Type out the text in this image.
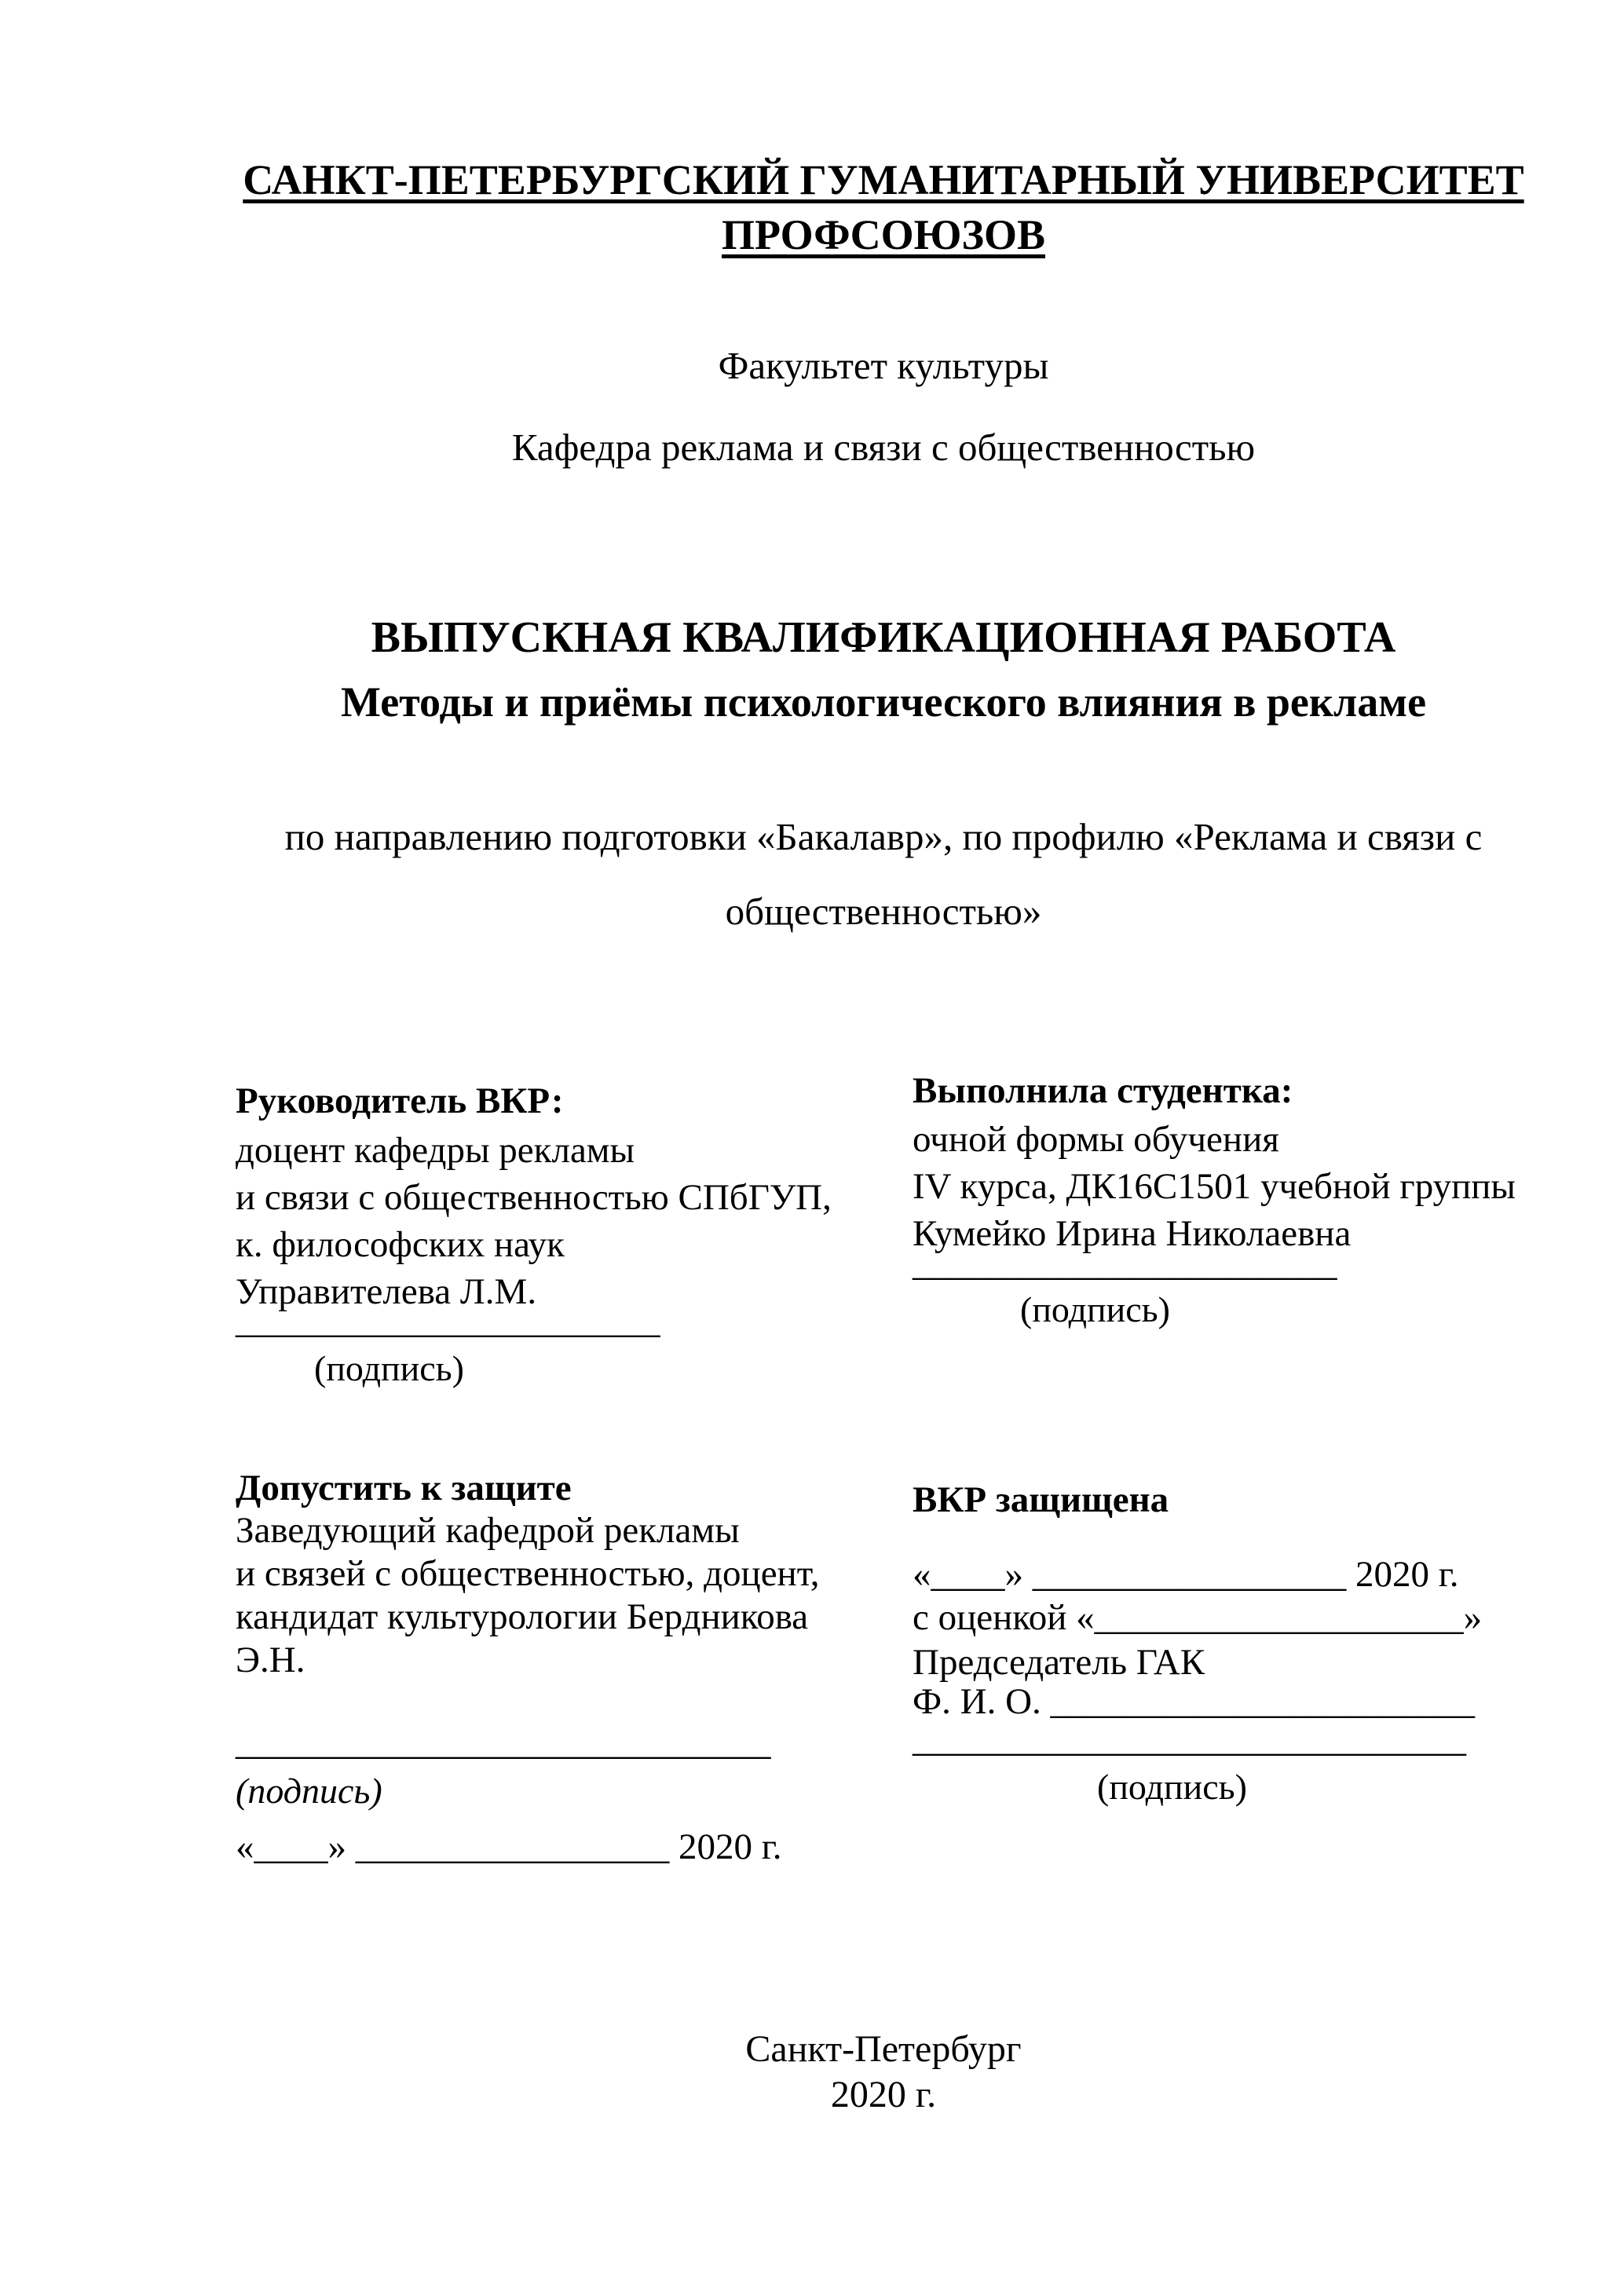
САНКТ-ПЕТЕРБУРГСКИЙ ГУМАНИТАРНЫЙ УНИВЕРСИТЕТ
ПРОФСОЮЗОВ
Факультет культуры
Кафедра реклама и связи с общественностью
ВЫПУСКНАЯ КВАЛИФИКАЦИОННАЯ РАБОТА
Методы и приёмы психологического влияния в рекламе
по направлению подготовки «Бакалавр», по профилю «Реклама и связи с
общественностью»
Руководитель ВКР:
доцент кафедры рекламы
и связи с общественностью СПбГУП,
к. философских наук
Управителева Л.М.
_______________________
(подпись)
Выполнила студентка:
очной формы обучения
IV курса, ДК16С1501 учебной группы
Кумейко Ирина Николаевна
_______________________
(подпись)
Допустить к защите
Заведующий кафедрой рекламы
и связей с общественностью, доцент,
кандидат культурологии Бердникова
Э.Н.
_____________________________
(подпись)
«____» _________________ 2020 г.
ВКР защищена
«____» _________________ 2020 г.
с оценкой «____________________»
Председатель ГАК
Ф. И. О. _______________________
______________________________
(подпись)
Санкт-Петербург
2020 г.
